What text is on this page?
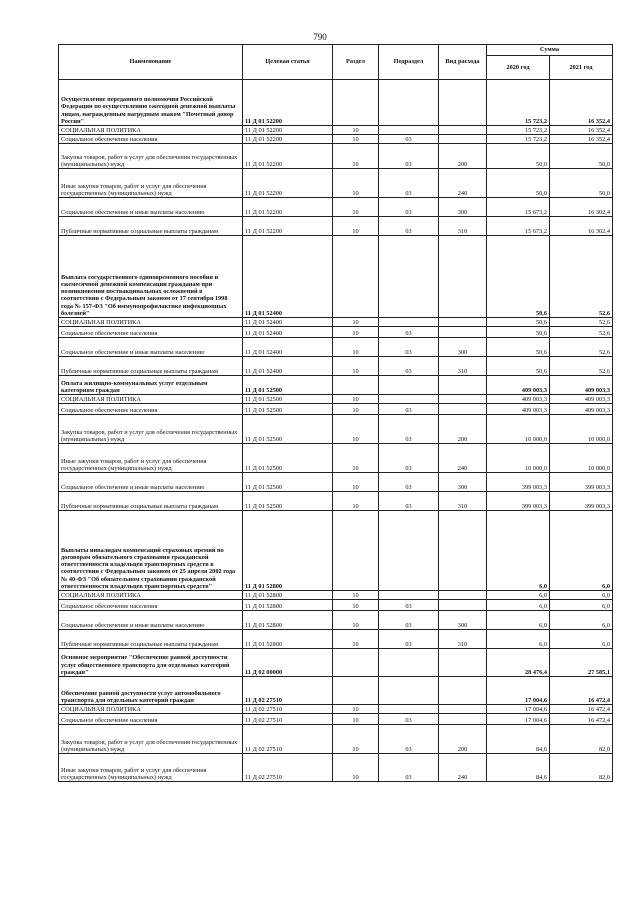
790
Наименование	Целевая статья	Раздел	Подраздел	Вид расхода	Сумма	
					2020 год	2021 год
Осуществление переданного полномочия Российской Федерации по осуществлению ежегодной денежной выплаты лицам, награжденным нагрудным знаком "Почетный донор России"	11 Д 01 52200				15 723,2	16 352,4
СОЦИАЛЬНАЯ ПОЛИТИКА	11 Д 01 52200	10			15 723,2	16 352,4
Социальное обеспечение населения	11 Д 01 52200	10	03		15 723,2	16 352,4
Закупка товаров, работ и услуг для обеспечения государственных (муниципальных) нужд	11 Д 01 52200	10	03	200	50,0	50,0
Иные закупки товаров, работ и услуг для обеспечения государственных (муниципальных) нужд	11 Д 01 52200	10	03	240	50,0	50,0
Социальное обеспечение и иные выплаты населению	11 Д 01 52200	10	03	300	15 673,2	16 302,4
Публичные нормативные социальные выплаты гражданам	11 Д 01 52200	10	03	310	15 673,2	16 302,4
Выплата государственного единовременного пособия и ежемесячной денежной компенсации гражданам при возникновении поствакцинальных осложнений в соответствии с Федеральным законом от 17 сентября 1998 года № 157-ФЗ "Об иммунопрофилактике инфекционных болезней"	11 Д 01 52400				50,6	52,6
СОЦИАЛЬНАЯ ПОЛИТИКА	11 Д 01 52400	10			50,6	52,6
Социальное обеспечение населения	11 Д 01 52400	10	03		50,6	52,6
Социальное обеспечение и иные выплаты населению	11 Д 01 52400	10	03	300	50,6	52,6
Публичные нормативные социальные выплаты гражданам	11 Д 01 52400	10	03	310	50,6	52,6
Оплата жилищно-коммунальных услуг отдельным категориям граждан	11 Д 01 52500				409 003,3	409 003,3
СОЦИАЛЬНАЯ ПОЛИТИКА	11 Д 01 52500	10			409 003,3	409 003,3
Социальное обеспечение населения	11 Д 01 52500	10	03		409 003,3	409 003,3
Закупка товаров, работ и услуг для обеспечения государственных (муниципальных) нужд	11 Д 01 52500	10	03	200	10 000,0	10 000,0
Иные закупки товаров, работ и услуг для обеспечения государственных (муниципальных) нужд	11 Д 01 52500	10	03	240	10 000,0	10 000,0
Социальное обеспечение и иные выплаты населению	11 Д 01 52500	10	03	300	399 003,3	399 003,3
Публичные нормативные социальные выплаты гражданам	11 Д 01 52500	10	03	310	399 003,3	399 003,3
Выплаты инвалидам компенсаций страховых премий по договорам обязательного страхования гражданской ответственности владельцев транспортных средств в соответствии с Федеральным законом от 25 апреля 2002 года № 40-ФЗ "Об обязательном страховании гражданской ответственности владельцев транспортных средств"	11 Д 01 52800				6,0	6,0
СОЦИАЛЬНАЯ ПОЛИТИКА	11 Д 01 52800	10			6,0	6,0
Социальное обеспечение населения	11 Д 01 52800	10	03		6,0	6,0
Социальное обеспечение и иные выплаты населению	11 Д 01 52800	10	03	300	6,0	6,0
Публичные нормативные социальные выплаты гражданам	11 Д 01 52800	10	03	310	6,0	6,0
Основное мероприятие "Обеспечение равной доступности услуг общественного транспорта для отдельных категорий граждан"	11 Д 02 00000				28 476,4	27 585,1
Обеспечение равной доступности услуг автомобильного транспорта для отдельных категорий граждан	11 Д 02 27510				17 004,6	16 472,4
СОЦИАЛЬНАЯ ПОЛИТИКА	11 Д 02 27510	10			17 004,6	16 472,4
Социальное обеспечение населения	11 Д 02 27510	10	03		17 004,6	16 472,4
Закупка товаров, работ и услуг для обеспечения государственных (муниципальных) нужд	11 Д 02 27510	10	03	200	84,6	82,0
Иные закупки товаров, работ и услуг для обеспечения государственных (муниципальных) нужд	11 Д 02 27510	10	03	240	84,6	82,0
